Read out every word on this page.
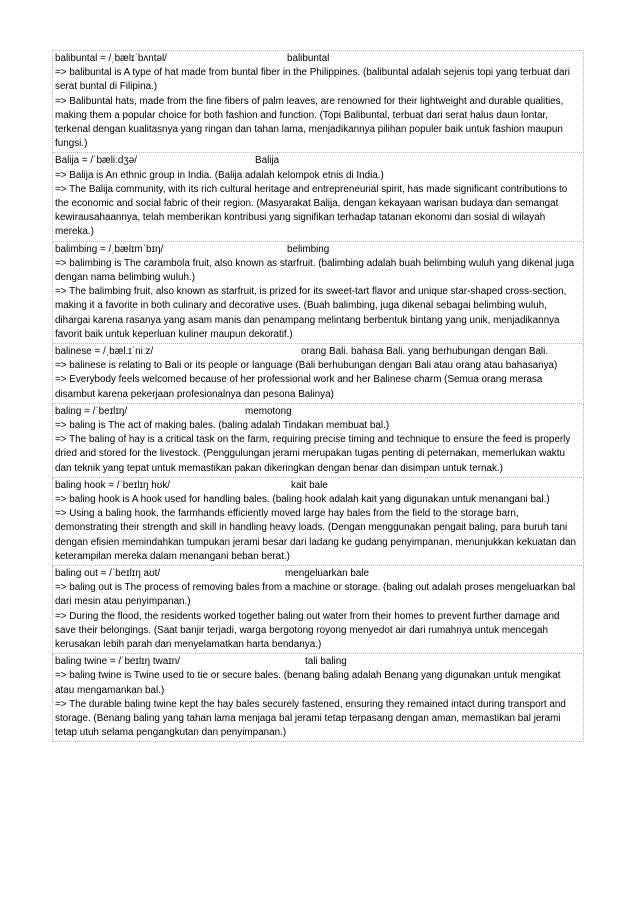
balibuntal = /ˌbælɪˈbʌntəl/	balibuntal
=> balibuntal is A type of hat made from buntal fiber in the Philippines. (balibuntal adalah sejenis topi yang terbuat dari serat buntal di Filipina.)
=> Balibuntal hats, made from the fine fibers of palm leaves, are renowned for their lightweight and durable qualities, making them a popular choice for both fashion and function. (Topi Balibuntal, terbuat dari serat halus daun lontar, terkenal dengan kualitasnya yang ringan dan tahan lama, menjadikannya pilihan populer baik untuk fashion maupun fungsi.)

Balija = /ˈbæliːdʒə/	Balija
=> Balija is An ethnic group in India. (Balija adalah kelompok etnis di India.)
=> The Balija community, with its rich cultural heritage and entrepreneurial spirit, has made significant contributions to the economic and social fabric of their region. (Masyarakat Balija, dengan kekayaan warisan budaya dan semangat kewirausahaannya, telah memberikan kontribusi yang signifikan terhadap tatanan ekonomi dan sosial di wilayah mereka.)

balimbing = /ˌbælɪmˈbɪŋ/	belimbing
=> balimbing is The carambola fruit, also known as starfruit. (balimbing adalah buah belimbing wuluh yang dikenal juga dengan nama belimbing wuluh.)
=> The balimbing fruit, also known as starfruit, is prized for its sweet-tart flavor and unique star-shaped cross-section, making it a favorite in both culinary and decorative uses. (Buah balimbing, juga dikenal sebagai belimbing wuluh, dihargai karena rasanya yang asam manis dan penampang melintang berbentuk bintang yang unik, menjadikannya favorit baik untuk keperluan kuliner maupun dekoratif.)

balinese = /ˌbæl.ɪˈniːz/	orang Bali. bahasa Bali. yang berhubungan dengan Bali.
=> balinese is relating to Bali or its people or language (Bali berhubungan dengan Bali atau orang atau bahasanya)
=> Everybody feels welcomed because of her professional work and her Balinese charm (Semua orang merasa disambut karena pekerjaan profesionalnya dan pesona Balinya)

baling = /ˈbeɪlɪŋ/	memotong
=> baling is The act of making bales. (baling adalah Tindakan membuat bal.)
=> The baling of hay is a critical task on the farm, requiring precise timing and technique to ensure the feed is properly dried and stored for the livestock. (Penggulungan jerami merupakan tugas penting di peternakan, memerlukan waktu dan teknik yang tepat untuk memastikan pakan dikeringkan dengan benar dan disimpan untuk ternak.)

baling hook = /ˈbeɪlɪŋ hʊk/	kait bale
=> baling hook is A hook used for handling bales. (baling hook adalah kait yang digunakan untuk menangani bal.)
=> Using a baling hook, the farmhands efficiently moved large hay bales from the field to the storage barn, demonstrating their strength and skill in handling heavy loads. (Dengan menggunakan pengait baling, para buruh tani dengan efisien memindahkan tumpukan jerami besar dari ladang ke gudang penyimpanan, menunjukkan kekuatan dan keterampilan mereka dalam menangani beban berat.)

baling out = /ˈbeɪlɪŋ aʊt/	mengeluarkan bale
=> baling out is The process of removing bales from a machine or storage. (baling out adalah proses mengeluarkan bal dari mesin atau penyimpanan.)
=> During the flood, the residents worked together baling out water from their homes to prevent further damage and save their belongings. (Saat banjir terjadi, warga bergotong royong menyedot air dari rumahnya untuk mencegah kerusakan lebih parah dan menyelamatkan harta bendanya.)

baling twine = /ˈbeɪlɪŋ twaɪn/	tali baling
=> baling twine is Twine used to tie or secure bales. (benang baling adalah Benang yang digunakan untuk mengikat atau mengamankan bal.)
=> The durable baling twine kept the hay bales securely fastened, ensuring they remained intact during transport and storage. (Benang baling yang tahan lama menjaga bal jerami tetap terpasang dengan aman, memastikan bal jerami tetap utuh selama pengangkutan dan penyimpanan.)
